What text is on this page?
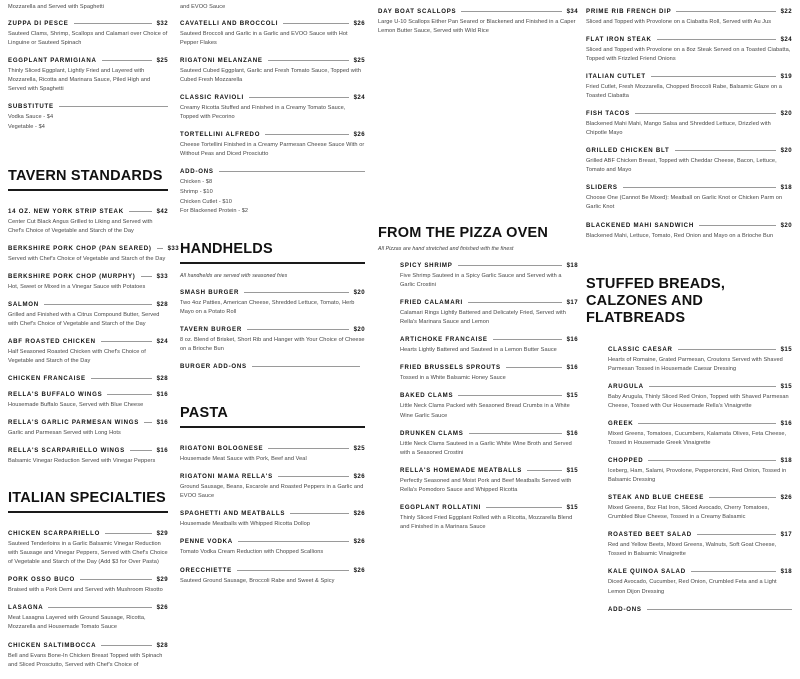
Mozzarella and Served with Spaghetti
ZUPPA DI PESCE	$32
Sauteed Clams, Shrimp, Scallops and Calamari over Choice of Linguine or Sauteed Spinach
EGGPLANT PARMIGIANA	$25
Thinly Sliced Eggplant, Lightly Fried and Layered with Mozzarella, Ricotta and Marinara Sauce, Piled High and Served with Spaghetti
SUBSTITUTE
Vodka Sauce - $4
Vegetable - $4
TAVERN STANDARDS
14 OZ. NEW YORK STRIP STEAK	$42
Center Cut Black Angus Grilled to Liking and Served with Chef's Choice of Vegetable and Starch of the Day
BERKSHIRE PORK CHOP (PAN SEARED)	$33
Served with Chef's Choice of Vegetable and Starch of the Day
BERKSHIRE PORK CHOP (MURPHY)	$33
Hot, Sweet or Mixed in a Vinegar Sauce with Potatoes
SALMON	$28
Grilled and Finished with a Citrus Compound Butter, Served with Chef's Choice of Vegetable and Starch of the Day
ABF ROASTED CHICKEN	$24
Half Seasoned Roasted Chicken with Chef's Choice of Vegetable and Starch of the Day
CHICKEN FRANCAISE	$28
RELLA'S BUFFALO WINGS	$16
Housemade Buffalo Sauce, Served with Blue Cheese
RELLA'S GARLIC PARMESAN WINGS	$16
Garlic and Parmesan Served with Long Hots
RELLA'S SCARPARIELLO WINGS	$16
Balsamic Vinegar Reduction Served with Vinegar Peppers
ITALIAN SPECIALTIES
CHICKEN SCARPARIELLO	$29
Sauteed Tenderloins in a Garlic Balsamic Vinegar Reduction with Sausage and Vinegar Peppers, Served with Chef's Choice of Vegetable and Starch of the Day (Add $3 for Over Pasta)
PORK OSSO BUCO	$29
Braised with a Pork Demi and Served with Mushroom Risotto
LASAGNA	$26
Meat Lasagna Layered with Ground Sausage, Ricotta, Mozzarella and Housemade Tomato Sauce
CHICKEN SALTIMBOCCA	$28
Bell and Evans Bone-In Chicken Breast Topped with Spinach and Sliced Prosciutto, Served with Chef's Choice of
and EVOO Sauce
CAVATELLI AND BROCCOLI	$26
Sauteed Broccoli and Garlic in a Garlic and EVOO Sauce with Hot Pepper Flakes
RIGATONI MELANZANE	$25
Sauteed Cubed Eggplant, Garlic and Fresh Tomato Sauce, Topped with Cubed Fresh Mozzarella
CLASSIC RAVIOLI	$24
Creamy Ricotta Stuffed and Finished in a Creamy Tomato Sauce, Topped with Pecorino
TORTELLINI ALFREDO	$26
Cheese Tortellini Finished in a Creamy Parmesan Cheese Sauce With or Without Peas and Diced Prosciutto
ADD-ONS
Chicken - $8
Shrimp - $10
Chicken Cutlet - $10
For Blackened Protein - $2
HANDHELDS
All handhelds are served with seasoned fries
SMASH BURGER	$20
Two 4oz Patties, American Cheese, Shredded Lettuce, Tomato, Herb Mayo on a Potato Roll
TAVERN BURGER	$20
8 oz. Blend of Brisket, Short Rib and Hanger with Your Choice of Cheese on a Brioche Bun
BURGER ADD-ONS
PASTA
RIGATONI BOLOGNESE	$25
Housemade Meat Sauce with Pork, Beef and Veal
RIGATONI MAMA RELLA'S	$26
Ground Sausage, Beans, Escarole and Roasted Peppers in a Garlic and EVOO Sauce
SPAGHETTI AND MEATBALLS	$26
Housemade Meatballs with Whipped Ricotta Dollop
PENNE VODKA	$26
Tomato Vodka Cream Reduction with Chopped Scallions
ORECCHIETTE	$26
Sauteed Ground Sausage, Broccoli Rabe and Sweet & Spicy
DAY BOAT SCALLOPS	$34
Large U-10 Scallops Either Pan Seared or Blackened and Finished in a Caper Lemon Butter Sauce, Served with Wild Rice
FROM THE PIZZA OVEN
All Pizzas are hand stretched and finished with the finest
SPICY SHRIMP	$18
Five Shrimp Sauteed in a Spicy Garlic Sauce and Served with a Garlic Crostini
FRIED CALAMARI	$17
Calamari Rings Lightly Battered and Delicately Fried, Served with Rella's Marinara Sauce and Lemon
ARTICHOKE FRANCAISE	$16
Hearts Lightly Battered and Sauteed in a Lemon Butter Sauce
FRIED BRUSSELS SPROUTS	$16
Tossed in a White Balsamic Honey Sauce
BAKED CLAMS	$15
Little Neck Clams Packed with Seasoned Bread Crumbs in a White Wine Garlic Sauce
DRUNKEN CLAMS	$16
Little Neck Clams Sauteed in a Garlic White Wine Broth and Served with a Seasoned Crostini
RELLA'S HOMEMADE MEATBALLS	$15
Perfectly Seasoned and Moist Pork and Beef Meatballs Served with Rella's Pomodoro Sauce and Whipped Ricotta
EGGPLANT ROLLATINI	$15
Thinly Sliced Fried Eggplant Rolled with a Ricotta, Mozzarella Blend and Finished in a Marinara Sauce
PRIME RIB FRENCH DIP	$22
Sliced and Topped with Provolone on a Ciabatta Roll, Served with Au Jus
FLAT IRON STEAK	$24
Sliced and Topped with Provolone on a 8oz Steak Served on a Toasted Ciabatta, Topped with Frizzled Friend Onions
ITALIAN CUTLET	$19
Fried Cutlet, Fresh Mozzarella, Chopped Broccoli Rabe, Balsamic Glaze on a Toasted Ciabatta
FISH TACOS	$20
Blackened Mahi Mahi, Mango Salsa and Shredded Lettuce, Drizzled with Chipotle Mayo
GRILLED CHICKEN BLT	$20
Grilled ABF Chicken Breast, Topped with Cheddar Cheese, Bacon, Lettuce, Tomato and Mayo
SLIDERS	$18
Choose One (Cannot Be Mixed): Meatball on Garlic Knot or Chicken Parm on Garlic Knot
BLACKENED MAHI SANDWICH	$20
Blackened Mahi, Lettuce, Tomato, Red Onion and Mayo on a Brioche Bun
STUFFED BREADS, CALZONES AND FLATBREADS
CLASSIC CAESAR	$15
Hearts of Romaine, Grated Parmesan, Croutons Served with Shaved Parmesan Tossed in Housemade Caesar Dressing
ARUGULA	$15
Baby Arugula, Thinly Sliced Red Onion, Topped with Shaved Parmesan Cheese, Tossed with Our Housemade Rella's Vinaigrette
GREEK	$16
Mixed Greens, Tomatoes, Cucumbers, Kalamata Olives, Feta Cheese, Tossed in Housemade Greek Vinaigrette
CHOPPED	$18
Iceberg, Ham, Salami, Provolone, Pepperoncini, Red Onion, Tossed in Balsamic Dressing
STEAK AND BLUE CHEESE	$26
Mixed Greens, 8oz Flat Iron, Sliced Avocado, Cherry Tomatoes, Crumbled Blue Cheese, Tossed in a Creamy Balsamic
ROASTED BEET SALAD	$17
Red and Yellow Beets, Mixed Greens, Walnuts, Soft Goat Cheese, Tossed in Balsamic Vinaigrette
KALE QUINOA SALAD	$18
Diced Avocado, Cucumber, Red Onion, Crumbled Feta and a Light Lemon Dijon Dressing
ADD-ONS
